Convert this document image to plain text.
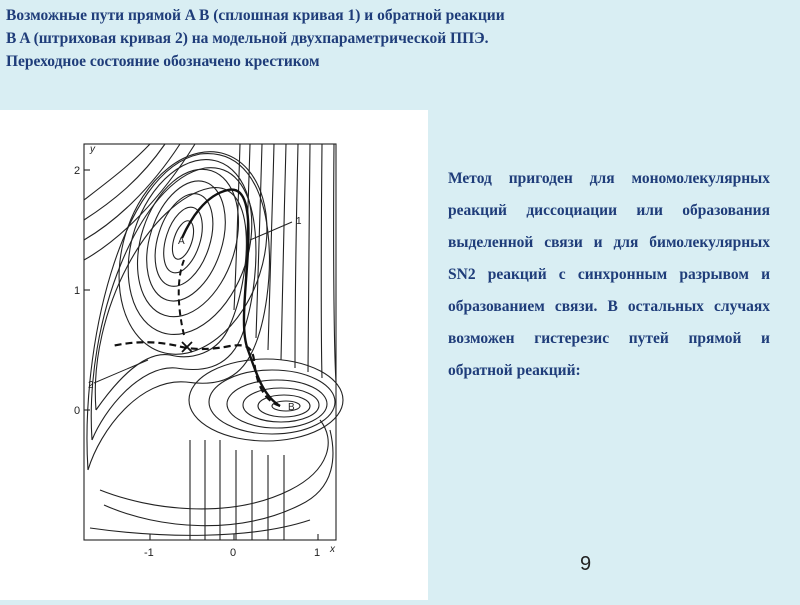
Возможные пути прямой A B (сплошная кривая 1) и обратной реакции
B A (штриховая кривая 2) на модельной двухпараметрической ППЭ.
Переходное состояние обозначено крестиком
y
x
2
1
0
-1	0	1
A
B
1
2

Метод пригоден для мономолекулярных реакций диссоциации или образования выделенной связи и для бимолекулярных SN2 реакций с синхронным разрывом и образованием связи. В остальных случаях возможен гистерезис путей прямой и обратной реакций:

9
